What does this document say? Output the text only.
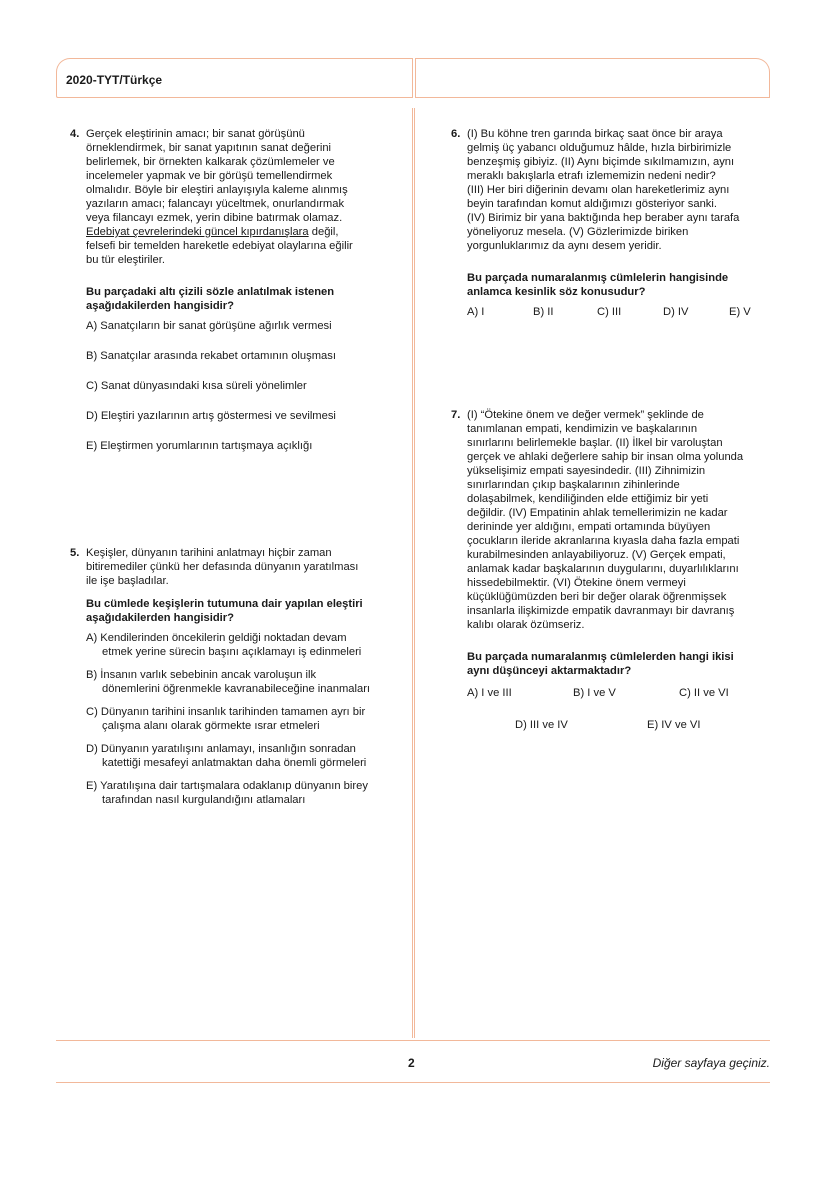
2020-TYT/Türkçe
4. Gerçek eleştirinin amacı; bir sanat görüşünü

örneklendirmek, bir sanat yapıtının sanat değerini

belirlemek, bir örnekten kalkarak çözümlemeler ve

incelemeler yapmak ve bir görüşü temellendirmek

olmalıdır. Böyle bir eleştiri anlayışıyla kaleme alınmış

yazıların amacı; falancayı yüceltmek, onurlandırmak

veya filancayı ezmek, yerin dibine batırmak olamaz.

Edebiyat çevrelerindeki güncel kıpırdanışlara değil,

felsefi bir temelden hareketle edebiyat olaylarına eğilir

bu tür eleştiriler.

Bu parçadaki altı çizili sözle anlatılmak istenen

aşağıdakilerden hangisidir?

A) Sanatçıların bir sanat görüşüne ağırlık vermesi

B) Sanatçılar arasında rekabet ortamının oluşması

C) Sanat dünyasındaki kısa süreli yönelimler

D) Eleştiri yazılarının artış göstermesi ve sevilmesi

E) Eleştirmen yorumlarının tartışmaya açıklığı

5. Keşişler, dünyanın tarihini anlatmayı hiçbir zaman

bitiremediler çünkü her defasında dünyanın yaratılması

ile işe başladılar.

Bu cümlede keşişlerin tutumuna dair yapılan eleştiri

aşağıdakilerden hangisidir?

A) Kendilerinden öncekilerin geldiği noktadan devam

etmek yerine sürecin başını açıklamayı iş edinmeleri

B) İnsanın varlık sebebinin ancak varoluşun ilk

dönemlerini öğrenmekle kavranabileceğine inanmaları

C) Dünyanın tarihini insanlık tarihinden tamamen ayrı bir

çalışma alanı olarak görmekte ısrar etmeleri

D) Dünyanın yaratılışını anlamayı, insanlığın sonradan

katettiği mesafeyi anlatmaktan daha önemli görmeleri

E) Yaratılışına dair tartışmalara odaklanıp dünyanın birey

tarafından nasıl kurgulandığını atlamaları

6. (I) Bu köhne tren garında birkaç saat önce bir araya

gelmiş üç yabancı olduğumuz hâlde, hızla birbirimizle

benzeşmiş gibiyiz. (II) Aynı biçimde sıkılmamızın, aynı

meraklı bakışlarla etrafı izlememizin nedeni nedir?

(III) Her biri diğerinin devamı olan hareketlerimiz aynı

beyin tarafından komut aldığımızı gösteriyor sanki.

(IV) Birimiz bir yana baktığında hep beraber aynı tarafa

yöneliyoruz mesela. (V) Gözlerimizde biriken

yorgunluklarımız da aynı desem yeridir.

Bu parçada numaralanmış cümlelerin hangisinde

anlamca kesinlik söz konusudur?

A) I	B) II	C) III	D) IV	E) V
7. (I) “Ötekine önem ve değer vermek” şeklinde de

tanımlanan empati, kendimizin ve başkalarının

sınırlarını belirlemekle başlar. (II) İlkel bir varoluştan

gerçek ve ahlaki değerlere sahip bir insan olma yolunda

yükselişimiz empati sayesindedir. (III) Zihnimizin

sınırlarından çıkıp başkalarının zihinlerinde

dolaşabilmek, kendiliğinden elde ettiğimiz bir yeti

değildir. (IV) Empatinin ahlak temellerimizin ne kadar

derininde yer aldığını, empati ortamında büyüyen

çocukların ileride akranlarına kıyasla daha fazla empati

kurabilmesinden anlayabiliyoruz. (V) Gerçek empati,

anlamak kadar başkalarının duygularını, duyarlılıklarını

hissedebilmektir. (VI) Ötekine önem vermeyi

küçüklüğümüzden beri bir değer olarak öğrenmişsek

insanlarla ilişkimizde empatik davranmayı bir davranış

kalıbı olarak özümseriz.

Bu parçada numaralanmış cümlelerden hangi ikisi

aynı düşünceyi aktarmaktadır?

A) I ve III	B) I ve V	C) II ve VI
D) III ve IV	E) IV ve VI
2	Diğer sayfaya geçiniz.
